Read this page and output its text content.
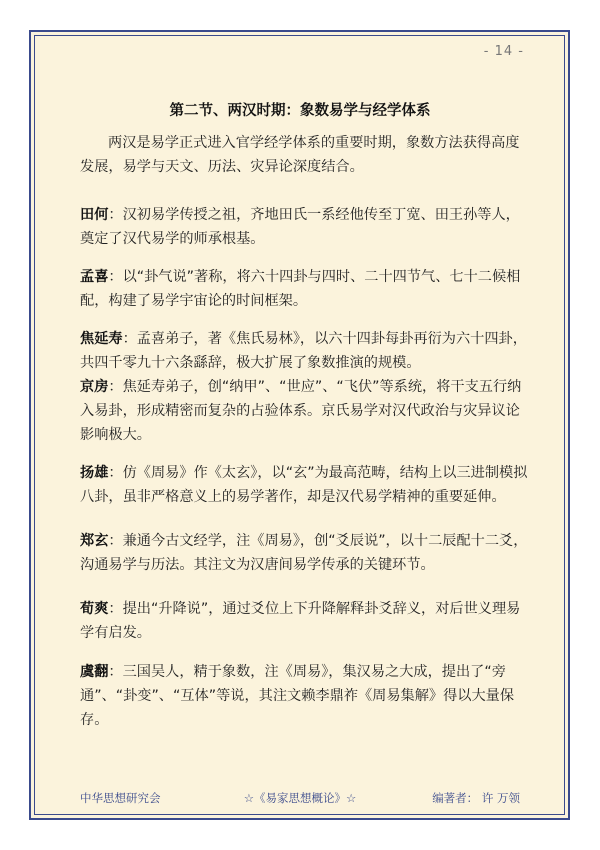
- 14 -
第二节、两汉时期：象数易学与经学体系
两汉是易学正式进入官学经学体系的重要时期，象数方法获得高度发展，易学与天文、历法、灾异论深度结合。
田何：汉初易学传授之祖，齐地田氏一系经他传至丁宽、田王孙等人，奠定了汉代易学的师承根基。
孟喜：以“卦气说”著称，将六十四卦与四时、二十四节气、七十二候相配，构建了易学宇宙论的时间框架。
焦延寿：孟喜弟子，著《焦氏易林》，以六十四卦每卦再衍为六十四卦，共四千零九十六条繇辞，极大扩展了象数推演的规模。
京房：焦延寿弟子，创“纳甲”、“世应”、“飞伏”等系统，将干支五行纳入易卦，形成精密而复杂的占验体系。京氏易学对汉代政治与灾异议论影响极大。
扬雄：仿《周易》作《太玄》，以“玄”为最高范畴，结构上以三进制模拟八卦，虽非严格意义上的易学著作，却是汉代易学精神的重要延伸。
郑玄：兼通今古文经学，注《周易》，创“爻辰说”，以十二辰配十二爻，沟通易学与历法。其注文为汉唐间易学传承的关键环节。
荀爽：提出“升降说”，通过爻位上下升降解释卦爻辞义，对后世义理易学有启发。
虞翻：三国吴人，精于象数，注《周易》，集汉易之大成，提出了“旁通”、“卦变”、“互体”等说，其注文赖李鼎祚《周易集解》得以大量保存。
中华思想研究会	☆《易家思想概论》☆	编著者： 许 万领
